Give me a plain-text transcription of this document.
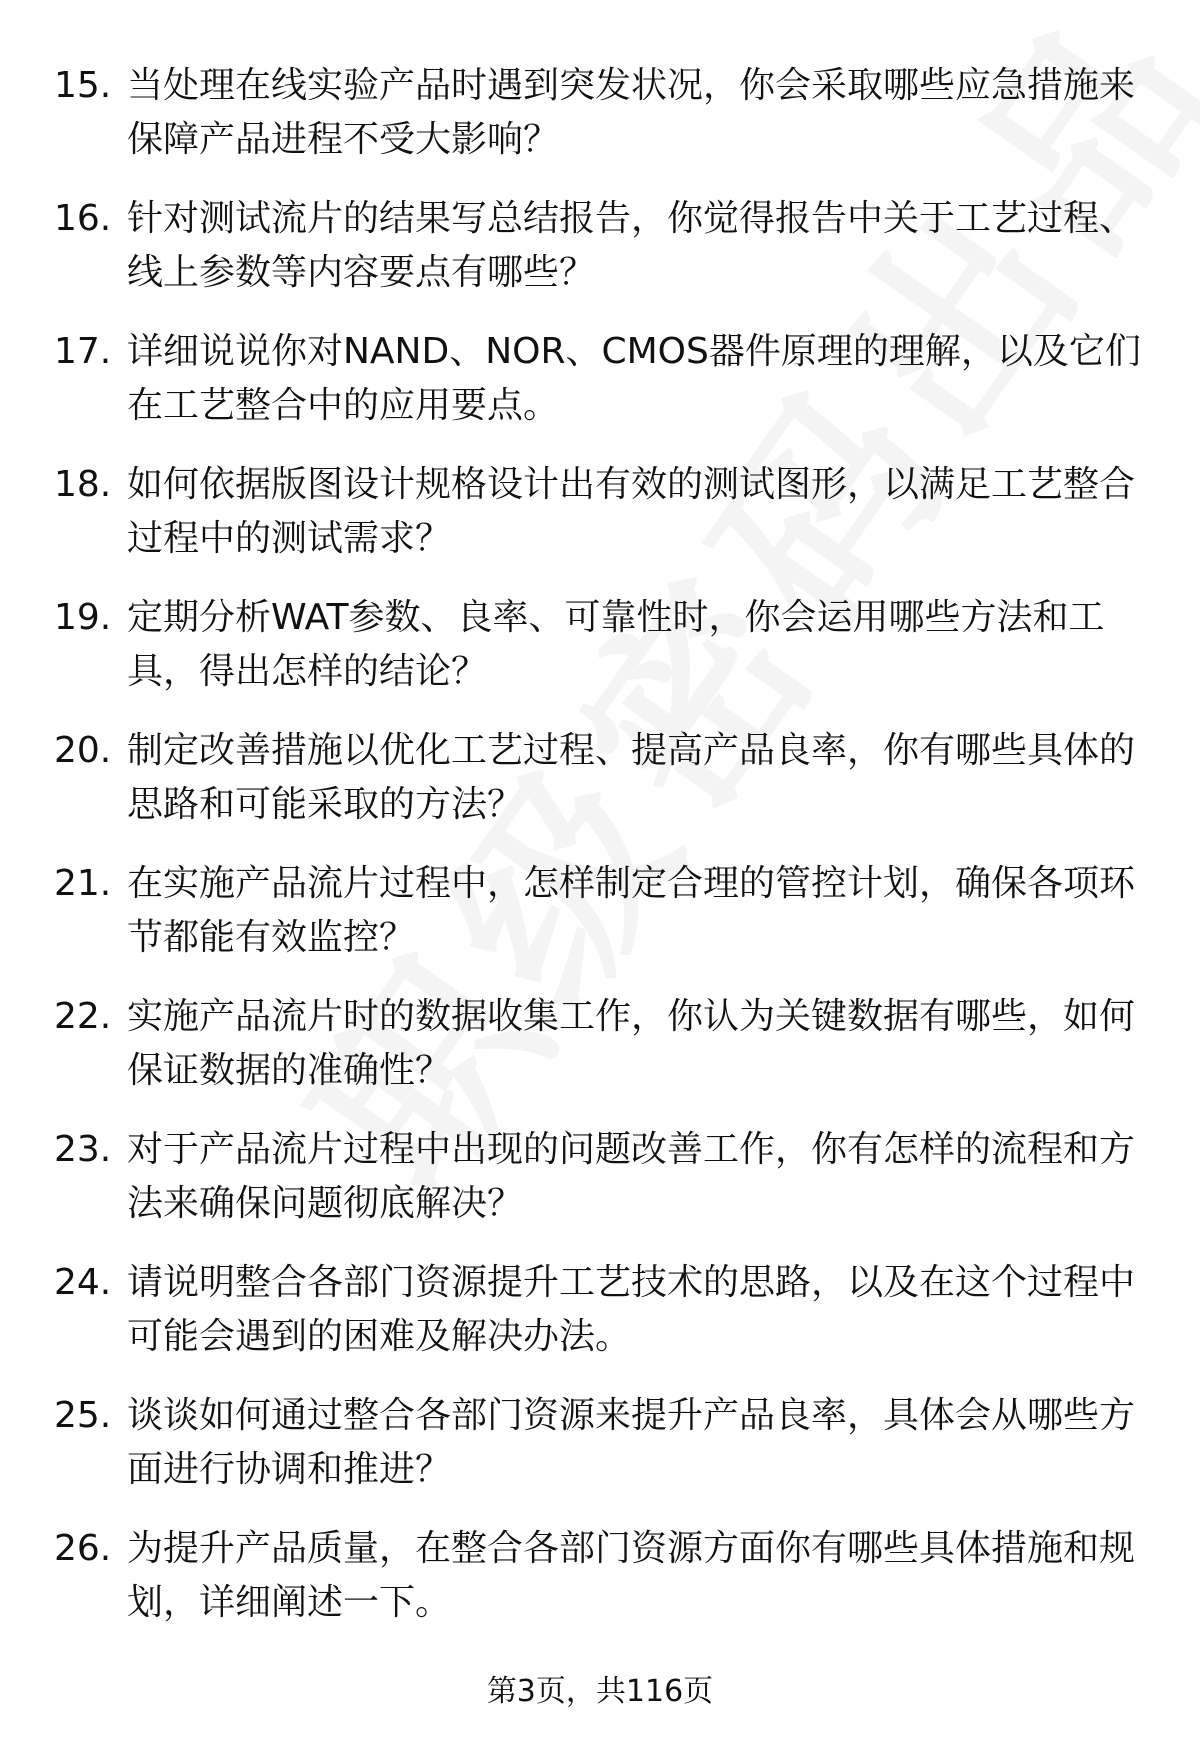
15. 当处理在线实验产品时遇到突发状况，你会采取哪些应急措施来保障产品进程不受大影响？
16. 针对测试流片的结果写总结报告，你觉得报告中关于工艺过程、线上参数等内容要点有哪些？
17. 详细说说你对NAND、NOR、CMOS器件原理的理解，以及它们在工艺整合中的应用要点。
18. 如何依据版图设计规格设计出有效的测试图形，以满足工艺整合过程中的测试需求？
19. 定期分析WAT参数、良率、可靠性时，你会运用哪些方法和工具，得出怎样的结论？
20. 制定改善措施以优化工艺过程、提高产品良率，你有哪些具体的思路和可能采取的方法？
21. 在实施产品流片过程中，怎样制定合理的管控计划，确保各项环节都能有效监控？
22. 实施产品流片时的数据收集工作，你认为关键数据有哪些，如何保证数据的准确性？
23. 对于产品流片过程中出现的问题改善工作，你有怎样的流程和方法来确保问题彻底解决？
24. 请说明整合各部门资源提升工艺技术的思路，以及在这个过程中可能会遇到的困难及解决办法。
25. 谈谈如何通过整合各部门资源来提升产品良率，具体会从哪些方面进行协调和推进？
26. 为提升产品质量，在整合各部门资源方面你有哪些具体措施和规划，详细阐述一下。
第3页，共116页
